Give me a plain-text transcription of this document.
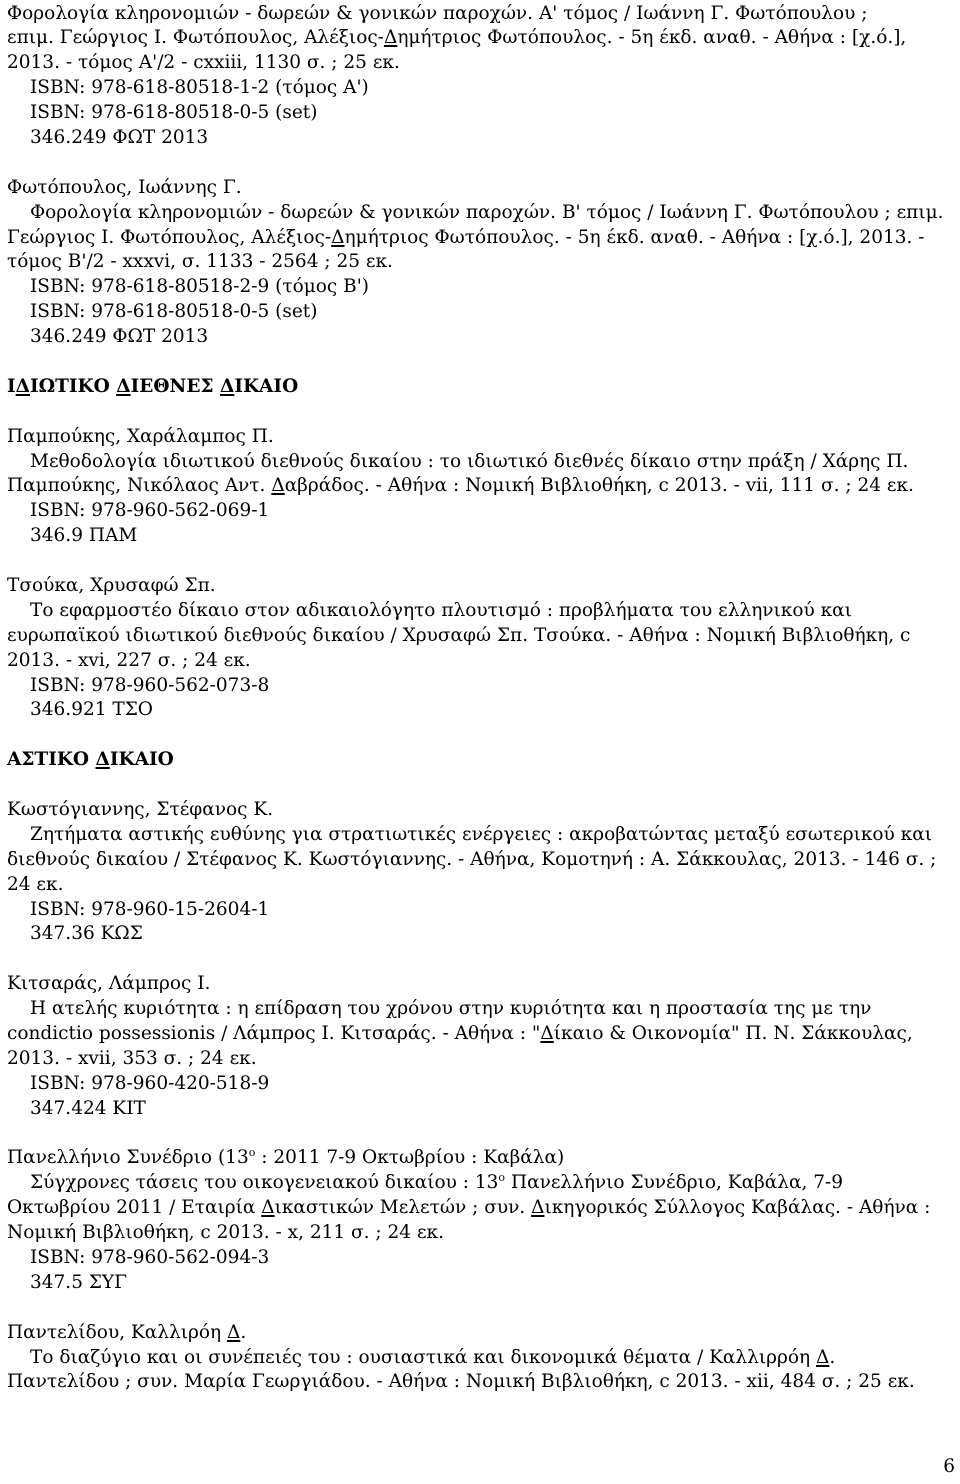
Φορολογία κληρονομιών - δωρεών & γονικών παροχών. Α' τόμος / Ιωάννη Γ. Φωτόπουλου ;
επιμ. Γεώργιος Ι. Φωτόπουλος, Αλέξιος-Δημήτριος Φωτόπουλος. - 5η έκδ. αναθ. - Αθήνα : [χ.ό.],
2013. - τόμος Α'/2 - cxxiii, 1130 σ. ; 25 εκ.
ISBN: 978-618-80518-1-2 (τόμος Α')
ISBN: 978-618-80518-0-5 (set)
346.249 ΦΩΤ 2013
Φωτόπουλος, Ιωάννης Γ.
Φορολογία κληρονομιών - δωρεών & γονικών παροχών. Β' τόμος / Ιωάννη Γ. Φωτόπουλου ; επιμ.
Γεώργιος Ι. Φωτόπουλος, Αλέξιος-Δημήτριος Φωτόπουλος. - 5η έκδ. αναθ. - Αθήνα : [χ.ό.], 2013. -
τόμος Β'/2 - xxxvi, σ. 1133 - 2564 ; 25 εκ.
ISBN: 978-618-80518-2-9 (τόμος Β')
ISBN: 978-618-80518-0-5 (set)
346.249 ΦΩΤ 2013
ΙΔΙΩΤΙΚΟ ΔΙΕΘΝΕΣ ΔΙΚΑΙΟ
Παμπούκης, Χαράλαμπος Π.
Μεθοδολογία ιδιωτικού διεθνούς δικαίου : το ιδιωτικό διεθνές δίκαιο στην πράξη / Χάρης Π.
Παμπούκης, Νικόλαος Αντ. Δαβράδος. - Αθήνα : Νομική Βιβλιοθήκη, c 2013. - vii, 111 σ. ; 24 εκ.
ISBN: 978-960-562-069-1
346.9 ΠΑΜ
Τσούκα, Χρυσαφώ Σπ.
Το εφαρμοστέο δίκαιο στον αδικαιολόγητο πλουτισμό : προβλήματα του ελληνικού και
ευρωπαϊκού ιδιωτικού διεθνούς δικαίου / Χρυσαφώ Σπ. Τσούκα. - Αθήνα : Νομική Βιβλιοθήκη, c
2013. - xvi, 227 σ. ; 24 εκ.
ISBN: 978-960-562-073-8
346.921 ΤΣΟ
ΑΣΤΙΚΟ ΔΙΚΑΙΟ
Κωστόγιαννης, Στέφανος Κ.
Ζητήματα αστικής ευθύνης για στρατιωτικές ενέργειες : ακροβατώντας μεταξύ εσωτερικού και
διεθνούς δικαίου / Στέφανος Κ. Κωστόγιαννης. - Αθήνα, Κομοτηνή : Α. Σάκκουλας, 2013. - 146 σ. ;
24 εκ.
ISBN: 978-960-15-2604-1
347.36 ΚΩΣ
Κιτσαράς, Λάμπρος Ι.
Η ατελής κυριότητα : η επίδραση του χρόνου στην κυριότητα και η προστασία της με την
condictio possessionis / Λάμπρος Ι. Κιτσαράς. - Αθήνα : "Δίκαιο & Οικονομία" Π. Ν. Σάκκουλας,
2013. - xvii, 353 σ. ; 24 εκ.
ISBN: 978-960-420-518-9
347.424 ΚΙΤ
Πανελλήνιο Συνέδριο ($13^o$ : 2011 7-9 Οκτωβρίου : Καβάλα)
Σύγχρονες τάσεις του οικογενειακού δικαίου : $13^o$ Πανελλήνιο Συνέδριο, Καβάλα, 7-9
Οκτωβρίου 2011 / Εταιρία Δικαστικών Μελετών ; συν. Δικηγορικός Σύλλογος Καβάλας. - Αθήνα :
Νομική Βιβλιοθήκη, c 2013. - x, 211 σ. ; 24 εκ.
ISBN: 978-960-562-094-3
347.5 ΣΥΓ
Παντελίδου, Καλλιρόη Δ.
Το διαζύγιο και οι συνέπειές του : ουσιαστικά και δικονομικά θέματα / Καλλιρρόη Δ.
Παντελίδου ; συν. Μαρία Γεωργιάδου. - Αθήνα : Νομική Βιβλιοθήκη, c 2013. - xii, 484 σ. ; 25 εκ.
6
